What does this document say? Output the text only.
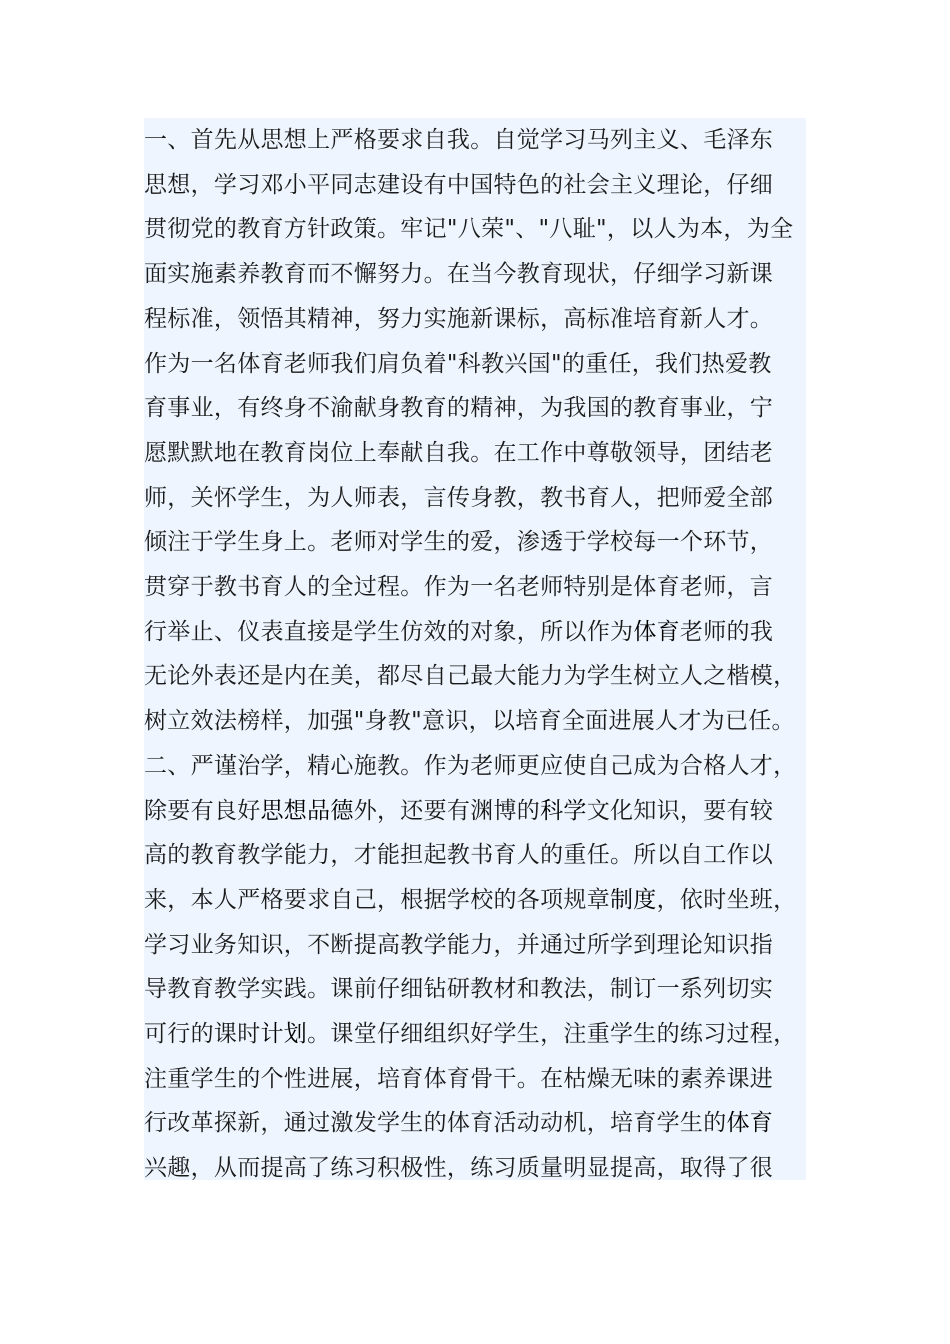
一、首先从思想上严格要求自我。自觉学习马列主义、毛泽东
思想，学习邓小平同志建设有中国特色的社会主义理论，仔细
贯彻党的教育方针政策。牢记"八荣"、"八耻"，以人为本，为全
面实施素养教育而不懈努力。在当今教育现状，仔细学习新课
程标准，领悟其精神，努力实施新课标，高标准培育新人才。
作为一名体育老师我们肩负着"科教兴国"的重任，我们热爱教
育事业，有终身不渝献身教育的精神，为我国的教育事业，宁
愿默默地在教育岗位上奉献自我。在工作中尊敬领导，团结老
师，关怀学生，为人师表，言传身教，教书育人，把师爱全部
倾注于学生身上。老师对学生的爱，渗透于学校每一个环节，
贯穿于教书育人的全过程。作为一名老师特别是体育老师，言
行举止、仪表直接是学生仿效的对象，所以作为体育老师的我
无论外表还是内在美，都尽自己最大能力为学生树立人之楷模，
树立效法榜样，加强"身教"意识，以培育全面进展人才为已任。
二、严谨治学，精心施教。作为老师更应使自己成为合格人才，
除要有良好思想品德外，还要有渊博的科学文化知识，要有较
高的教育教学能力，才能担起教书育人的重任。所以自工作以
来，本人严格要求自己，根据学校的各项规章制度，依时坐班，
学习业务知识，不断提高教学能力，并通过所学到理论知识指
导教育教学实践。课前仔细钻研教材和教法，制订一系列切实
可行的课时计划。课堂仔细组织好学生，注重学生的练习过程，
注重学生的个性进展，培育体育骨干。在枯燥无味的素养课进
行改革探新，通过激发学生的体育活动动机，培育学生的体育
兴趣，从而提高了练习积极性，练习质量明显提高，取得了很
